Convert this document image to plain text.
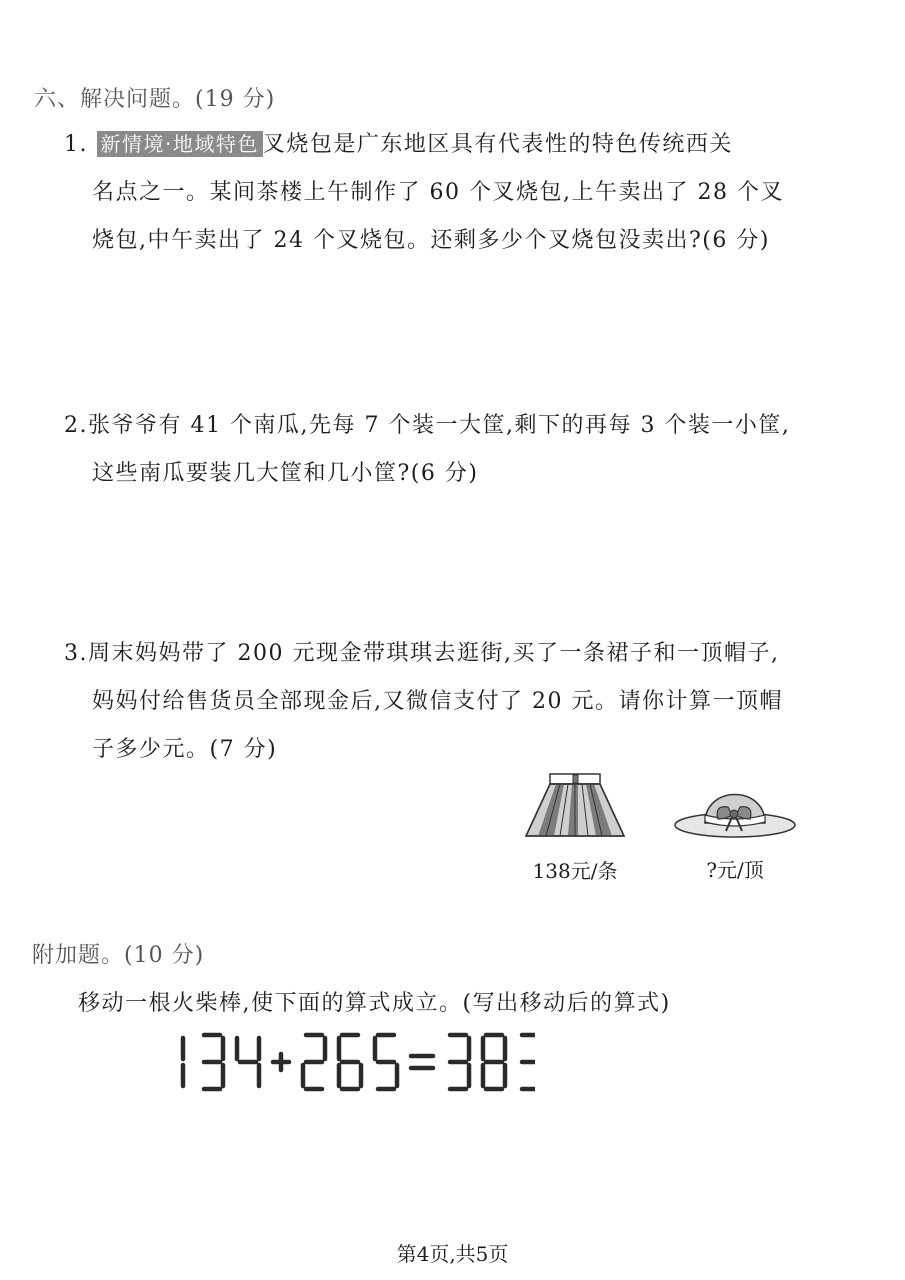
六、解决问题。(19 分)
1. 新情境·地域特色 叉烧包是广东地区具有代表性的特色传统西关
名点之一。某间茶楼上午制作了 60 个叉烧包,上午卖出了 28 个叉
烧包,中午卖出了 24 个叉烧包。还剩多少个叉烧包没卖出?(6 分)
2.张爷爷有 41 个南瓜,先每 7 个装一大筐,剩下的再每 3 个装一小筐,
这些南瓜要装几大筐和几小筐?(6 分)
3.周末妈妈带了 200 元现金带琪琪去逛街,买了一条裙子和一顶帽子,
妈妈付给售货员全部现金后,又微信支付了 20 元。请你计算一顶帽
子多少元。(7 分)
138元/条	?元/顶
附加题。(10 分)
移动一根火柴棒,使下面的算式成立。(写出移动后的算式)
第4页,共5页
